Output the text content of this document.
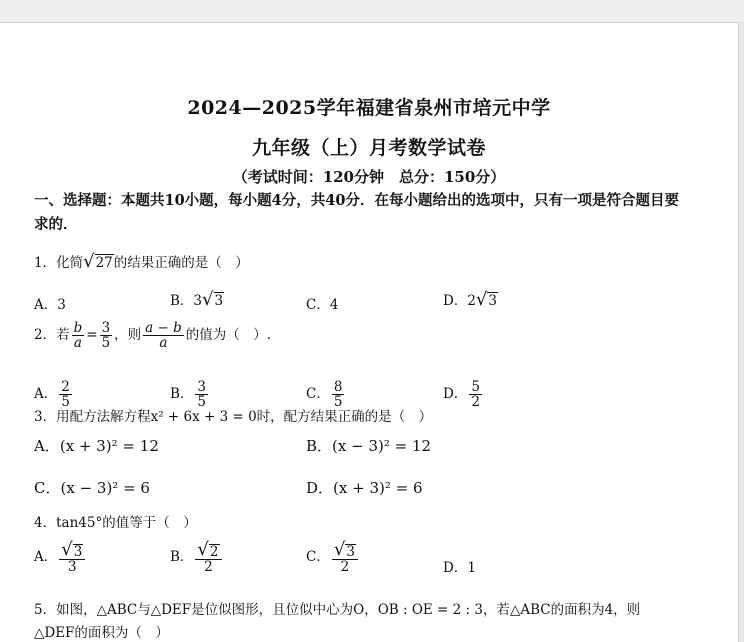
2024—2025学年福建省泉州市培元中学
九年级（上）月考数学试卷
（考试时间：120分钟　总分：150分）
一、选择题：本题共10小题，每小题4分，共40分．在每小题给出的选项中，只有一项是符合题目要求的．
1．化简 √ 27 的结果正确的是（　）
A．3	B．3 √ 3	C．4	D．2 √ 3
2．若 $\frac{b}{a} = \frac{3}{5}$ ，则 $\frac{a - b}{a}$ 的值为（　）.
A． $\frac{2}{5}$	B． $\frac{3}{5}$	C． $\frac{8}{5}$	D． $\frac{5}{2}$
3．用配方法解方程x² + 6x + 3 = 0时，配方结果正确的是（　）
A．(x + 3)² = 12	B．(x − 3)² = 12
C．(x − 3)² = 6	D．(x + 3)² = 6
4．tan45°的值等于（　）
A． $\frac{√ 3}{3}$	B． $\frac{√ 2}{2}$	C． $\frac{√ 3}{2}$	D．1
5．如图，△ABC与△DEF是位似图形，且位似中心为O，OB : OE = 2 : 3，若△ABC的面积为4，则
△DEF的面积为（　）
